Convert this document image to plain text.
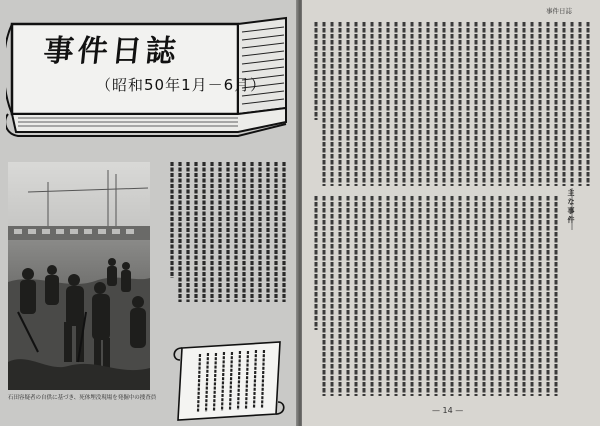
事件日誌
（昭和50年1月－6月）
石田容疑者の自供に基づき、死体埋没現場を発掘中の捜査員
事件日誌
主な事件
— 14 —
